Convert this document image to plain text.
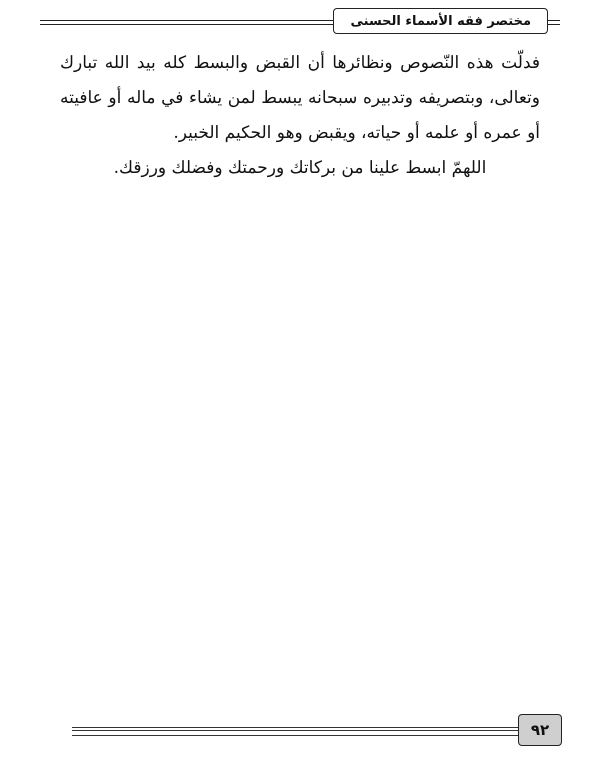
مختصر فقه الأسماء الحسنى

فدلّت هذه النّصوص ونظائرها أن القبض والبسط كله بيد الله تبارك وتعالى، وبتصريفه وتدبيره سبحانه يبسط لمن يشاء في ماله أو عافيته أو عمره أو علمه أو حياته، ويقبض وهو الحكيم الخبير.

اللهمّ ابسط علينا من بركاتك ورحمتك وفضلك ورزقك.

٩٢
